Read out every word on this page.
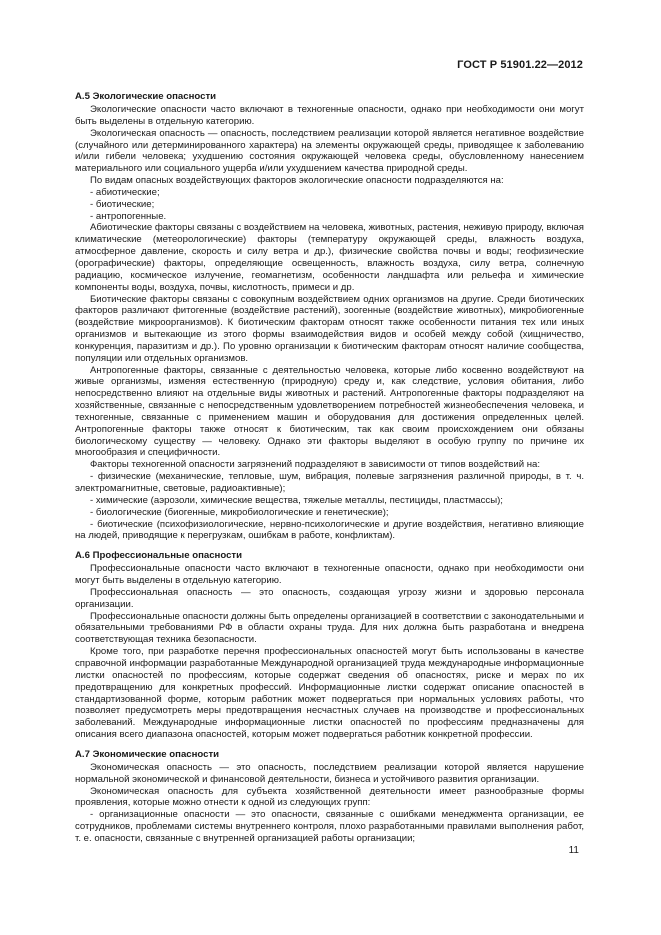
ГОСТ Р 51901.22—2012
А.5 Экологические опасности

Экологические опасности часто включают в техногенные опасности, однако при необходимости они могут быть выделены в отдельную категорию.

Экологическая опасность — опасность, последствием реализации которой является негативное воздействие (случайного или детерминированного характера) на элементы окружающей среды, приводящее к заболеванию и/или гибели человека; ухудшению состояния окружающей человека среды, обусловленному нанесением материального или социального ущерба и/или ухудшением качества природной среды.

По видам опасных воздействующих факторов экологические опасности подразделяются на:

- абиотические;

- биотические;

- антропогенные.

Абиотические факторы связаны с воздействием на человека, животных, растения, неживую природу, включая климатические (метеорологические) факторы (температуру окружающей среды, влажность воздуха, атмосферное давление, скорость и силу ветра и др.), физические свойства почвы и воды; геофизические (орографические) факторы, определяющие освещенность, влажность воздуха, силу ветра, солнечную радиацию, космическое излучение, геомагнетизм, особенности ландшафта или рельефа и химические компоненты воды, воздуха, почвы, кислотность, примеси и др.

Биотические факторы связаны с совокупным воздействием одних организмов на другие. Среди биотических факторов различают фитогенные (воздействие растений), зоогенные (воздействие животных), микробиогенные (воздействие микроорганизмов). К биотическим факторам относят также особенности питания тех или иных организмов и вытекающие из этого формы взаимодействия видов и особей между собой (хищничество, конкуренция, паразитизм и др.). По уровню организации к биотическим факторам относят наличие сообщества, популяции или отдельных организмов.

Антропогенные факторы, связанные с деятельностью человека, которые либо косвенно воздействуют на живые организмы, изменяя естественную (природную) среду и, как следствие, условия обитания, либо непосредственно влияют на отдельные виды животных и растений. Антропогенные факторы подразделяют на хозяйственные, связанные с непосредственным удовлетворением потребностей жизнеобеспечения человека, и техногенные, связанные с применением машин и оборудования для достижения определенных целей. Антропогенные факторы также относят к биотическим, так как своим происхождением они обязаны биологическому существу — человеку. Однако эти факторы выделяют в особую группу по причине их многообразия и специфичности.

Факторы техногенной опасности загрязнений подразделяют в зависимости от типов воздействий на:

- физические (механические, тепловые, шум, вибрация, полевые загрязнения различной природы, в т. ч. электромагнитные, световые, радиоактивные);

- химические (аэрозоли, химические вещества, тяжелые металлы, пестициды, пластмассы);

- биологические (биогенные, микробиологические и генетические);

- биотические (психофизиологические, нервно-психологические и другие воздействия, негативно влияющие на людей, приводящие к перегрузкам, ошибкам в работе, конфликтам).

А.6 Профессиональные опасности

Профессиональные опасности часто включают в техногенные опасности, однако при необходимости они могут быть выделены в отдельную категорию.

Профессиональная опасность — это опасность, создающая угрозу жизни и здоровью персонала организации.

Профессиональные опасности должны быть определены организацией в соответствии с законодательными и обязательными требованиями РФ в области охраны труда. Для них должна быть разработана и внедрена соответствующая техника безопасности.

Кроме того, при разработке перечня профессиональных опасностей могут быть использованы в качестве справочной информации разработанные Международной организацией труда международные информационные листки опасностей по профессиям, которые содержат сведения об опасностях, риске и мерах по их предотвращению для конкретных профессий. Информационные листки содержат описание опасностей в стандартизованной форме, которым работник может подвергаться при нормальных условиях работы, что позволяет предусмотреть меры предотвращения несчастных случаев на производстве и профессиональных заболеваний. Международные информационные листки опасностей по профессиям предназначены для описания всего диапазона опасностей, которым может подвергаться работник конкретной профессии.

А.7 Экономические опасности

Экономическая опасность — это опасность, последствием реализации которой является нарушение нормальной экономической и финансовой деятельности, бизнеса и устойчивого развития организации.

Экономическая опасность для субъекта хозяйственной деятельности имеет разнообразные формы проявления, которые можно отнести к одной из следующих групп:

- организационные опасности — это опасности, связанные с ошибками менеджмента организации, ее сотрудников, проблемами системы внутреннего контроля, плохо разработанными правилами выполнения работ, т. е. опасности, связанные с внутренней организацией работы организации;

11
